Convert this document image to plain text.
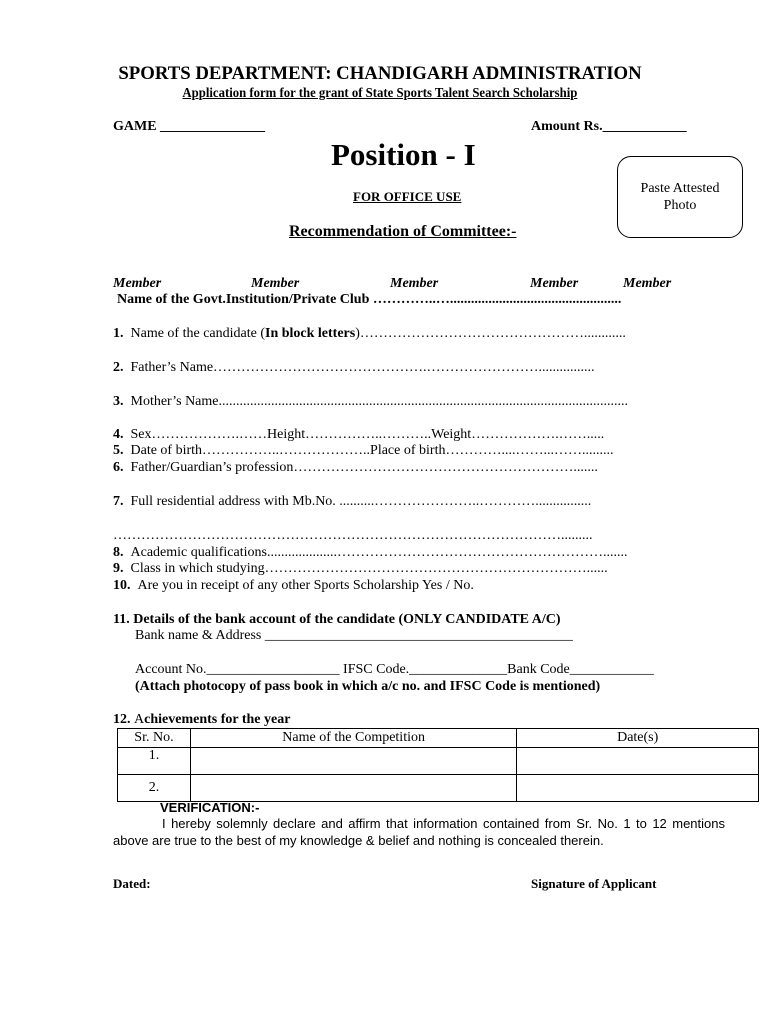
SPORTS DEPARTMENT: CHANDIGARH ADMINISTRATION
Application form for the grant of State Sports Talent Search Scholarship
GAME _______________	Amount Rs.____________
Position - I
FOR OFFICE USE
Paste Attested Photo
Recommendation of Committee:-
Member	Member	Member	Member	Member
Name of the Govt.Institution/Private Club …………..….................................................
1. Name of the candidate (In block letters)…………………………………………............
2. Father’s Name……………………………………….……………………................
3. Mother’s Name.....................................................................................................................
4. Sex……………….……Height……………..………..Weight……………….…….....
5. Date of birth……………..………………..Place of birth…………....……...…….........
6. Father/Guardian’s profession…………………………………………………….......
7. Full residential address with Mb.No. ..........…………………..…………................
…………………………………………………………………………………….........
8. Academic qualifications....................………………………………………………….......
9. Class in which studying……………………………………………………………......
10. Are you in receipt of any other Sports Scholarship Yes / No.
11. Details of the bank account of the candidate (ONLY CANDIDATE A/C)
Bank name & Address ____________________________________________
Account No.___________________ IFSC Code.______________Bank Code____________
(Attach photocopy of pass book in which a/c no. and IFSC Code is mentioned)
12. Achievements for the year
Sr. No.	Name of the Competition	Date(s)
1.		
2.		
VERIFICATION:-
I hereby solemnly declare and affirm that information contained from Sr. No. 1 to 12 mentions above are true to the best of my knowledge & belief and nothing is concealed therein.
Dated:	Signature of Applicant
